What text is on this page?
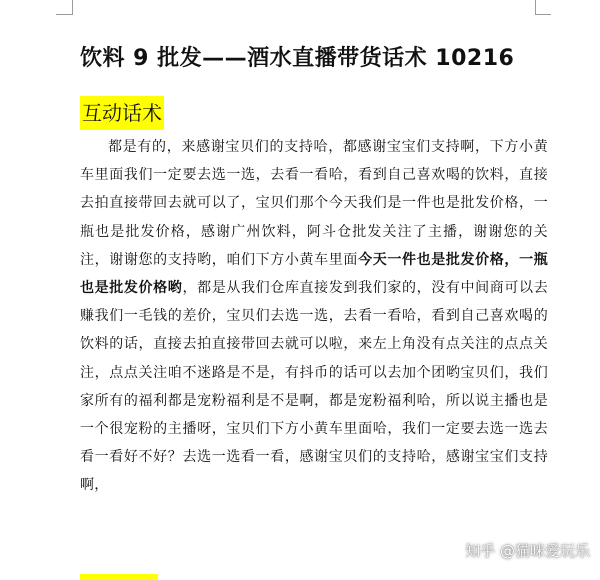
饮料 9 批发——酒水直播带货话术 10216
互动话术

都是有的，来感谢宝贝们的支持哈，都感谢宝宝们支持啊，下方小黄车里面我们一定要去选一选，去看一看哈，看到自己喜欢喝的饮料，直接去拍直接带回去就可以了，宝贝们那个今天我们是一件也是批发价格，一瓶也是批发价格，感谢广州饮料，阿斗仓批发关注了主播，谢谢您的关注，谢谢您的支持哟，咱们下方小黄车里面今天一件也是批发价格，一瓶也是批发价格哟，都是从我们仓库直接发到我们家的，没有中间商可以去赚我们一毛钱的差价，宝贝们去选一选，去看一看哈，看到自己喜欢喝的饮料的话，直接去拍直接带回去就可以啦，来左上角没有点关注的点点关注，点点关注咱不迷路是不是，有抖币的话可以去加个团哟宝贝们，我们家所有的福利都是宠粉福利是不是啊，都是宠粉福利哈，所以说主播也是一个很宠粉的主播呀，宝贝们下方小黄车里面哈，我们一定要去选一选去看一看好不好？去选一选看一看，感谢宝贝们的支持哈，感谢宝宝们支持啊，

知乎 @猫咪爱玩乐
